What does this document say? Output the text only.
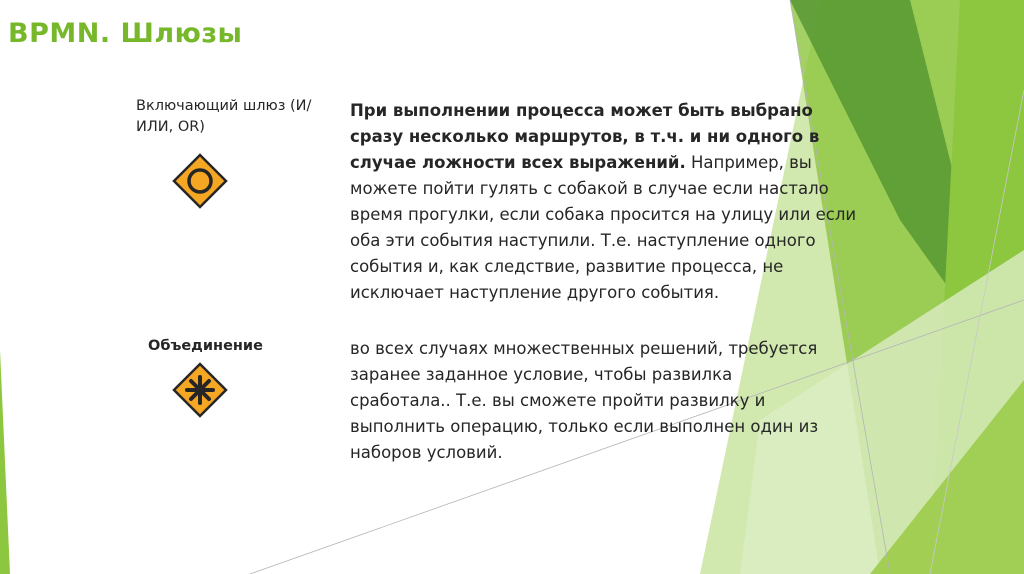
BPMN. Шлюзы
Включающий шлюз (И/ИЛИ, OR)
При выполнении процесса может быть выбрано сразу несколько маршрутов, в т.ч. и ни одного в случае ложности всех выражений. Например, вы можете пойти гулять с собакой в случае если настало время прогулки, если собака просится на улицу или если оба эти события наступили. Т.е. наступление одного события и, как следствие, развитие процесса, не исключает наступление другого события.
Объединение	во всех случаях множественных решений, требуется заранее заданное условие, чтобы развилка сработала.. Т.е. вы сможете пройти развилку и выполнить операцию, только если выполнен один из наборов условий.
